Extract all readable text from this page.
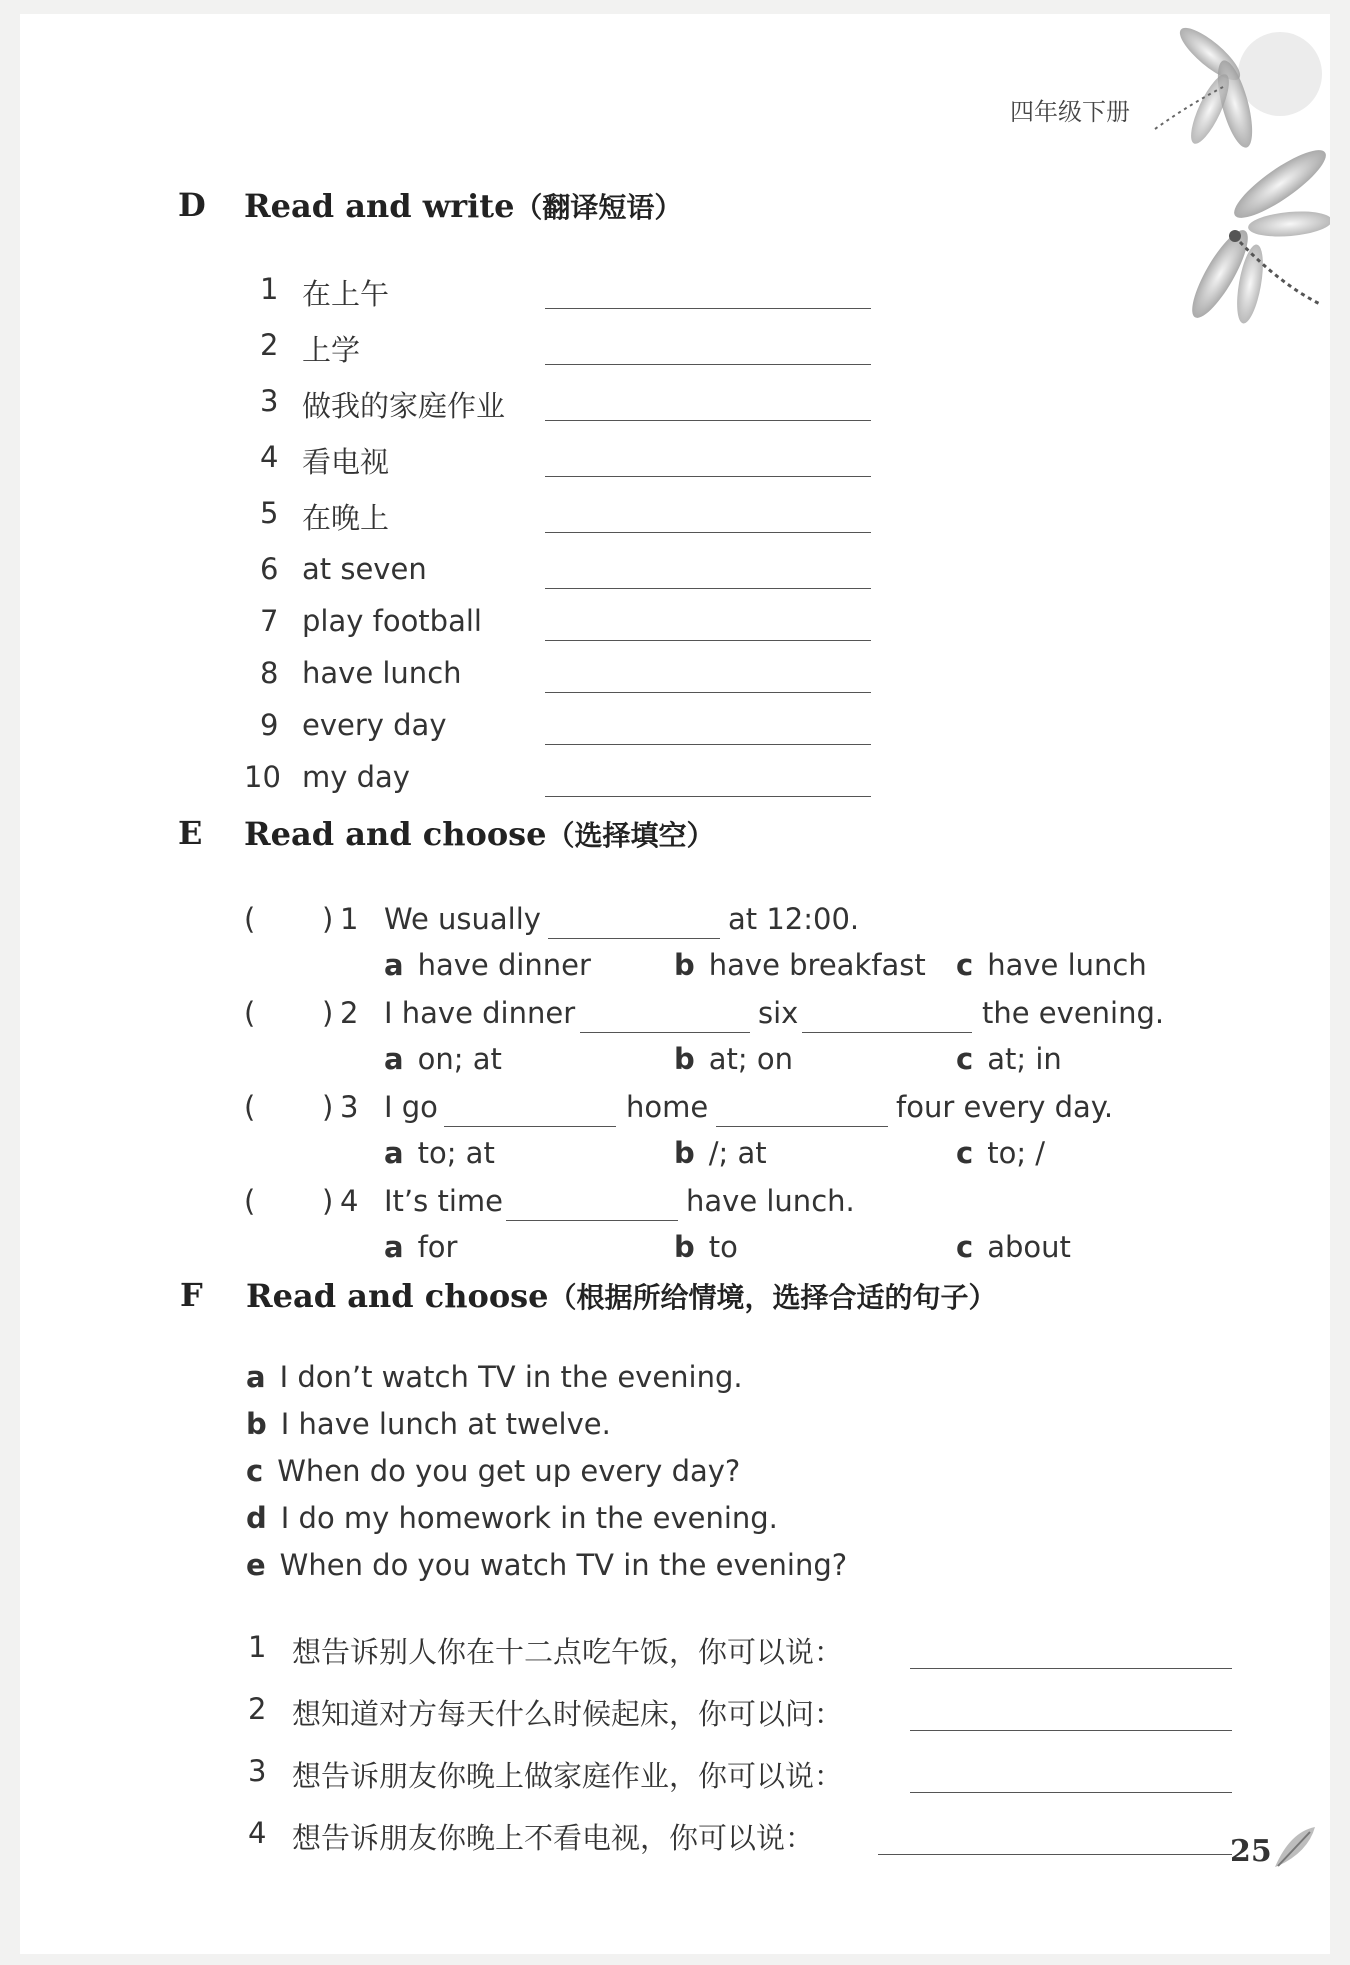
四年级下册
D Read and write（翻译短语）
1 在上午
2 上学
3 做我的家庭作业
4 看电视
5 在晚上
6 at seven
7 play football
8 have lunch
9 every day
10 my day
E Read and choose（选择填空）
( ) 1 We usually	at 12:00.
a have dinner	b have breakfast c have lunch
( ) 2 I have dinner	six	the evening.
a on; at	b at; on	c at; in
( ) 3 I go	home	four every day.
a to; at	b /; at	c to; /
( ) 4 It’s time	have lunch.
a for	b to	c about
F Read and choose（根据所给情境，选择合适的句子）
a I don’t watch TV in the evening.
b I have lunch at twelve.
c When do you get up every day?
d I do my homework in the evening.
e When do you watch TV in the evening?
1 想告诉别人你在十二点吃午饭，你可以说：
2 想知道对方每天什么时候起床，你可以问：
3 想告诉朋友你晚上做家庭作业，你可以说：
4 想告诉朋友你晚上不看电视，你可以说：	25
